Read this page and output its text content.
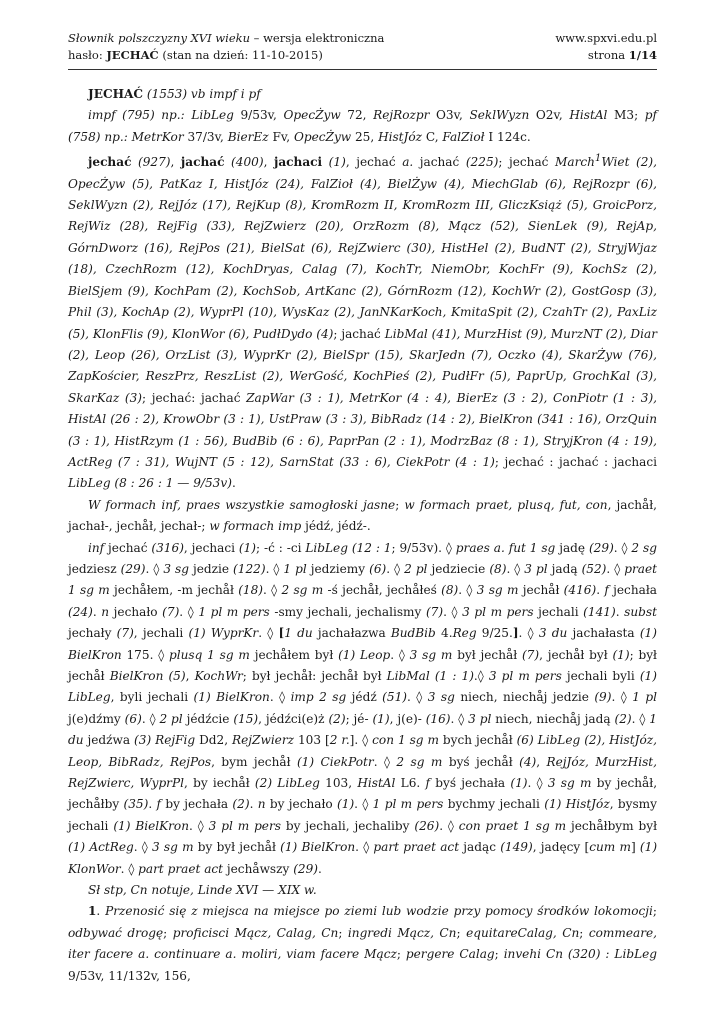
Słownik polszczyzny XVI wieku – wersja elektroniczna
hasło: JECHAĆ (stan na dzień: 11-10-2015)
www.spxvi.edu.pl
strona 1/14

JECHAĆ (1553) vb impf i pf

impf (795) np.: LibLeg 9/53v, OpecŻyw 72, RejRozpr O3v, SeklWyzn O2v, HistAl M3; pf (758) np.: MetrKor 37/3v, BierEz Fv, OpecŻyw 25, HistJóz C, FalZioł I 124c.

jechać (927), jachać (400), jachaci (1), jechać a. jachać (225); jechać March$^1$Wiet (2), OpecŻyw (5), PatKaz I, HistJóz (24), FalZioł (4), BielŻyw (4), MiechGlab (6), RejRozpr (6), SeklWyzn (2), RejJóz (17), RejKup (8), KromRozm II, KromRozm III, GliczKsiąż (5), GroicPorz, RejWiz (28), RejFig (33), RejZwierz (20), OrzRozm (8), Mącz (52), SienLek (9), RejAp, GórnDworz (16), RejPos (21), BielSat (6), RejZwierc (30), HistHel (2), BudNT (2), StryjWjaz (18), CzechRozm (12), KochDryas, Calag (7), KochTr, NiemObr, KochFr (9), KochSz (2), BielSjem (9), KochPam (2), KochSob, ArtKanc (2), GórnRozm (12), KochWr (2), GostGosp (3), Phil (3), KochAp (2), WyprPl (10), WysKaz (2), JanNKarKoch, KmitaSpit (2), CzahTr (2), PaxLiz (5), KlonFlis (9), KlonWor (6), PudłDydo (4); jachać LibMal (41), MurzHist (9), MurzNT (2), Diar (2), Leop (26), OrzList (3), WyprKr (2), BielSpr (15), SkarJedn (7), Oczko (4), SkarŻyw (76), ZapKościer, ReszPrz, ReszList (2), WerGość, KochPieś (2), PudłFr (5), PaprUp, GrochKal (3), SkarKaz (3); jechać: jachać ZapWar (3 : 1), MetrKor (4 : 4), BierEz (3 : 2), ConPiotr (1 : 3), HistAl (26 : 2), KrowObr (3 : 1), UstPraw (3 : 3), BibRadz (14 : 2), BielKron (341 : 16), OrzQuin (3 : 1), HistRzym (1 : 56), BudBib (6 : 6), PaprPan (2 : 1), ModrzBaz (8 : 1), StryjKron (4 : 19), ActReg (7 : 31), WujNT (5 : 12), SarnStat (33 : 6), CiekPotr (4 : 1); jechać : jachać : jachaci LibLeg (8 : 26 : 1 — 9/53v).

W formach inf, praes wszystkie samogłoski jasne; w formach praet, plusq, fut, con, jachåł, jachał-, jechåł, jechał-; w formach imp jédź, jédź-.

inf jechać (316), jechaci (1); -ć : -ci LibLeg (12 : 1; 9/53v). ◊ praes a. fut 1 sg jadę (29). ◊ 2 sg jedziesz (29). ◊ 3 sg jedzie (122). ◊ 1 pl jedziemy (6). ◊ 2 pl jedziecie (8). ◊ 3 pl jadą (52). ◊ praet 1 sg m jechåłem, -m jechåł (18). ◊ 2 sg m -ś jechåł, jechåłeś (8). ◊ 3 sg m jechåł (416). f jechała (24). n jechało (7). ◊ 1 pl m pers -smy jechali, jechalismy (7). ◊ 3 pl m pers jechali (141). subst jechały (7), jechali (1) WyprKr. ◊ [1 du jachałazwa BudBib 4.Reg 9/25.]. ◊ 3 du jachałasta (1) BielKron 175. ◊ plusq 1 sg m jechåłem był (1) Leop. ◊ 3 sg m był jechåł (7), jechåł był (1); był jechåł BielKron (5), KochWr; był jechåł: jechåł był LibMal (1 : 1).◊ 3 pl m pers jechali byli (1) LibLeg, byli jechali (1) BielKron. ◊ imp 2 sg jédź (51). ◊ 3 sg niech, niechåj jedzie (9). ◊ 1 pl j(e)dźmy (6). ◊ 2 pl jédźcie (15), jédźci(e)ż (2); jé- (1), j(e)- (16). ◊ 3 pl niech, niechåj jadą (2). ◊ 1 du jedźwa (3) RejFig Dd2, RejZwierz 103 [2 r.]. ◊ con 1 sg m bych jechåł (6) LibLeg (2), HistJóz, Leop, BibRadz, RejPos, bym jechåł (1) CiekPotr. ◊ 2 sg m byś jechåł (4), RejJóz, MurzHist, RejZwierc, WyprPl, by iechåł (2) LibLeg 103, HistAl L6. f byś jechała (1). ◊ 3 sg m by jechåł, jechåłby (35). f by jechała (2). n by jechało (1). ◊ 1 pl m pers bychmy jechali (1) HistJóz, bysmy jechali (1) BielKron. ◊ 3 pl m pers by jechali, jechaliby (26). ◊ con praet 1 sg m jechåłbym był (1) ActReg. ◊ 3 sg m by był jechåł (1) BielKron. ◊ part praet act jadąc (149), jadęcy [cum m] (1) KlonWor. ◊ part praet act jechåwszy (29).

Sł stp, Cn notuje, Linde XVI — XIX w.

1. Przenosić się z miejsca na miejsce po ziemi lub wodzie przy pomocy środków lokomocji; odbywać drogę; proficisci Mącz, Calag, Cn; ingredi Mącz, Cn; equitareCalag, Cn; commeare, iter facere a. continuare a. moliri, viam facere Mącz; pergere Calag; invehi Cn (320) : LibLeg 9/53v, 11/132v, 156,
